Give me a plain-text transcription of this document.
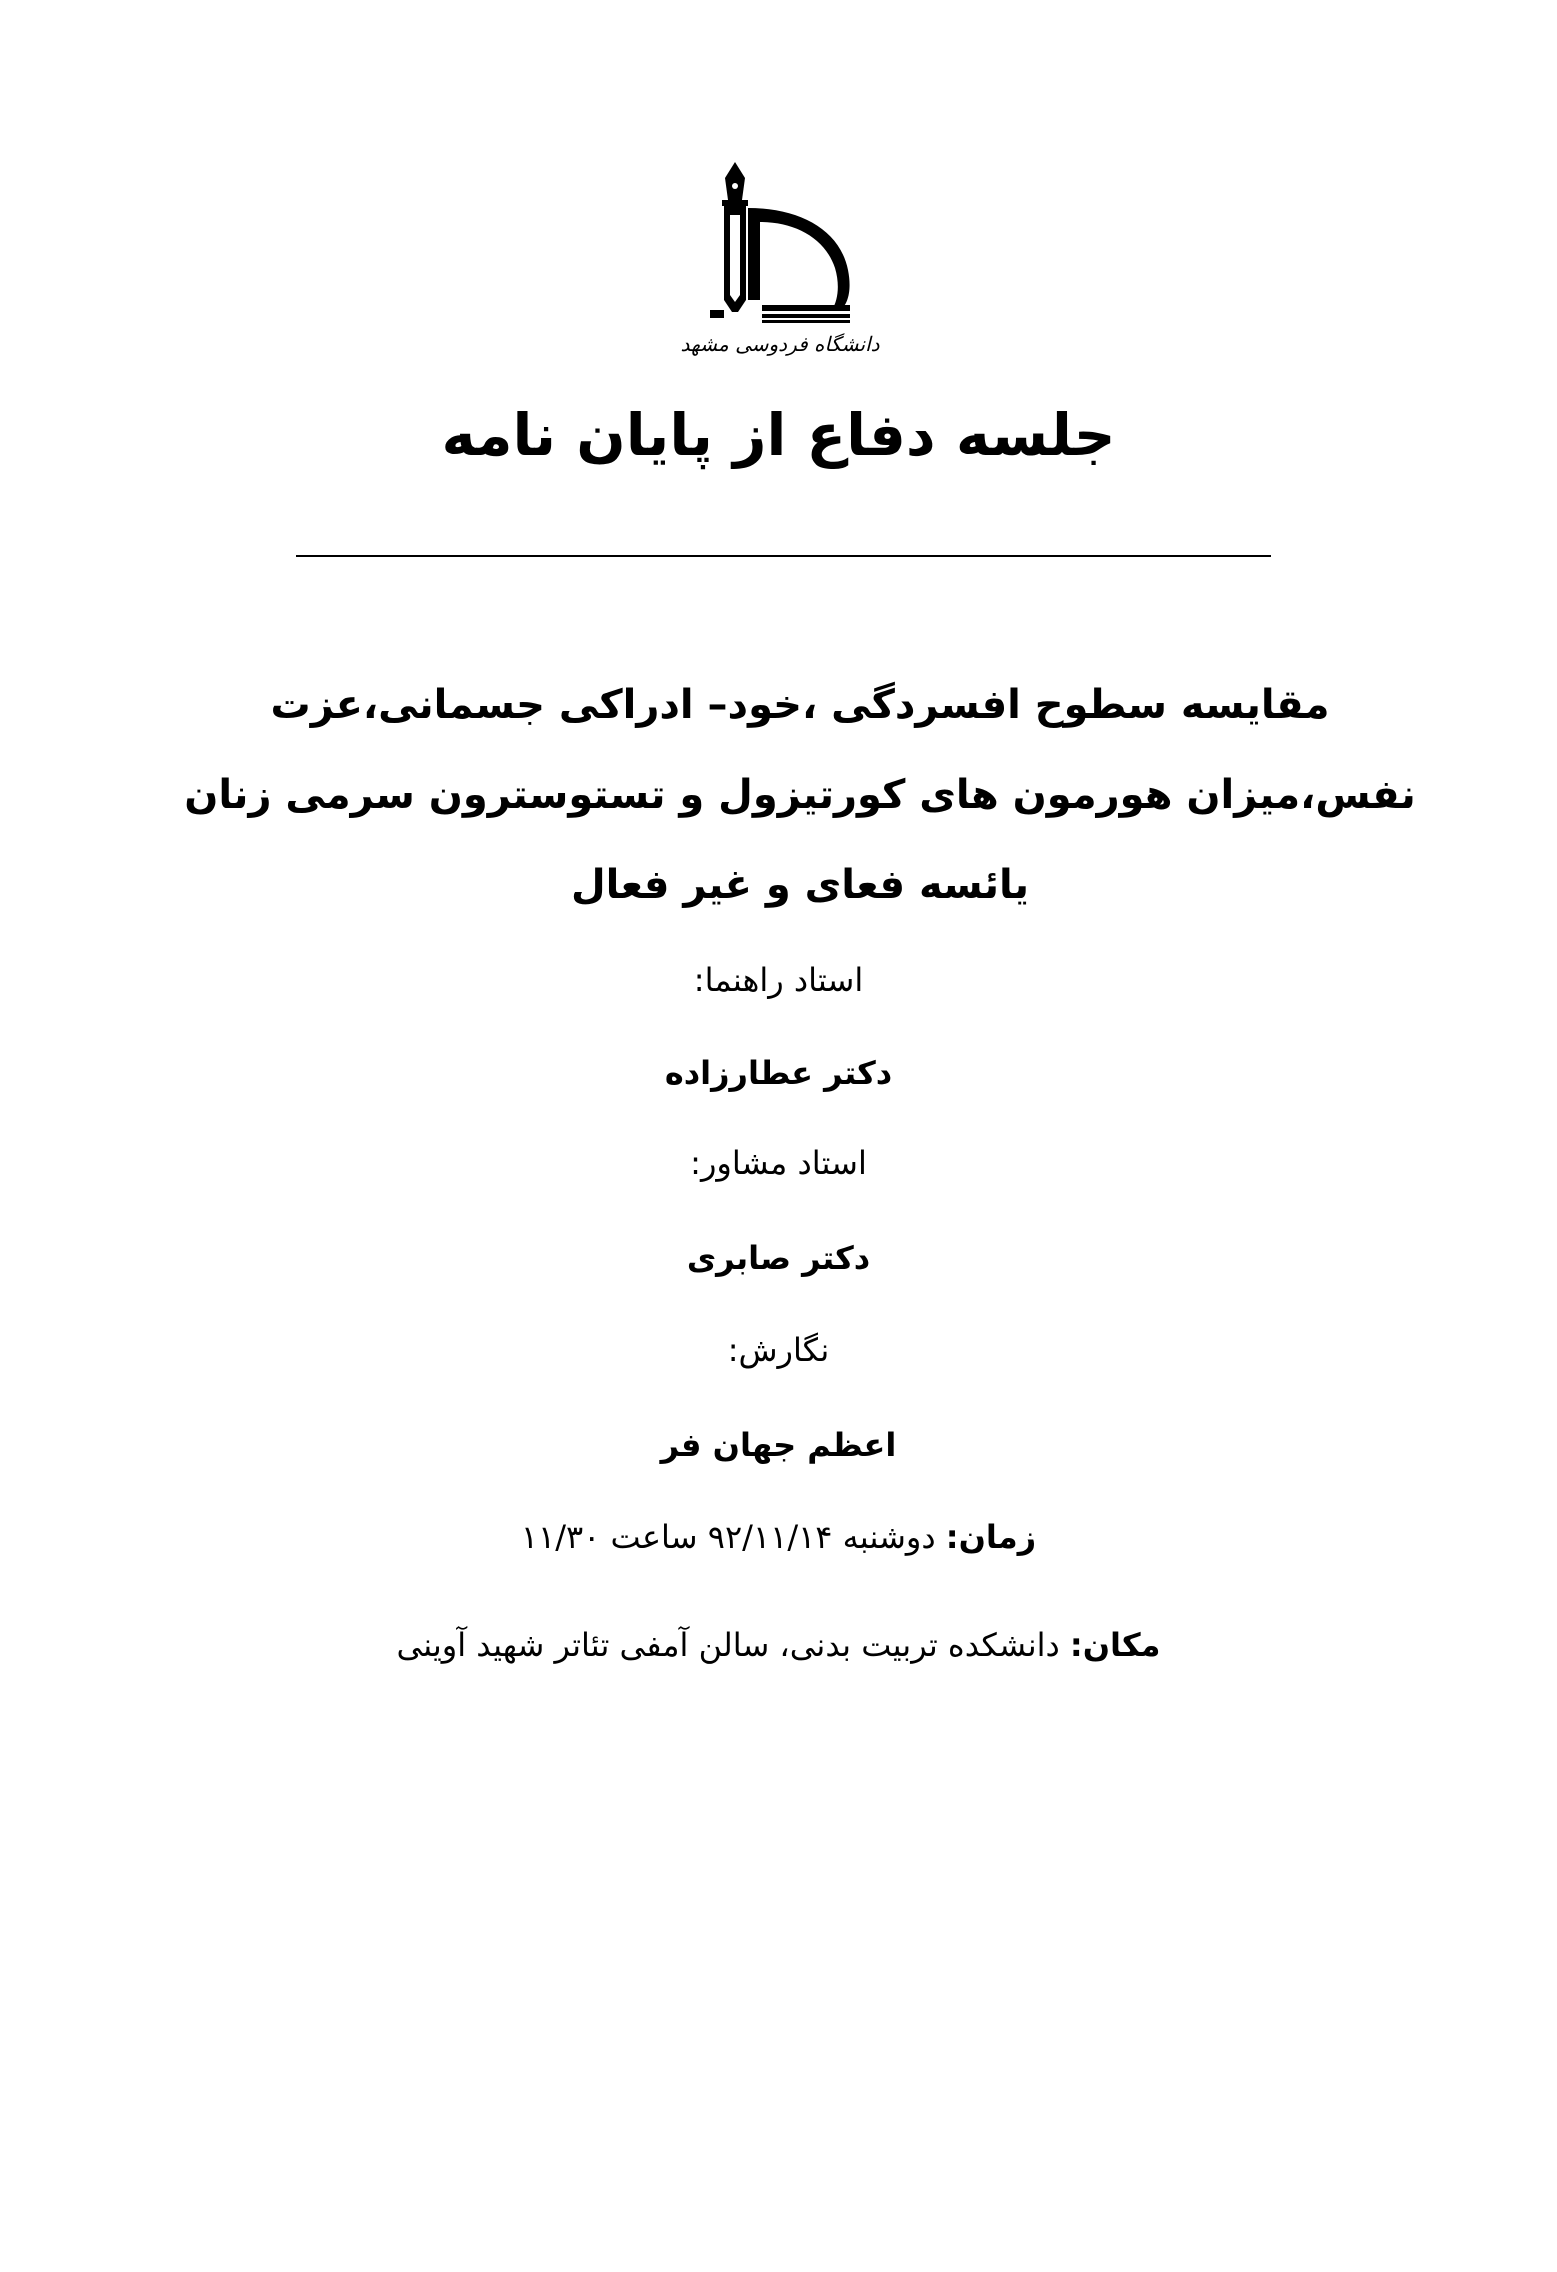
دانشگاه فردوسی مشهد
جلسه دفاع از پایان نامه

مقایسه سطوح افسردگی ،خود– ادراکی جسمانی،عزت نفس،میزان هورمون های کورتیزول و تستوسترون سرمی زنان یائسه فعای و غیر فعال

استاد راهنما:

دکتر عطارزاده

استاد مشاور:

دکتر صابری

نگارش:

اعظم جهان فر

زمان: دوشنبه ۹۲/۱۱/۱۴ ساعت ۱۱/۳۰

مکان: دانشکده تربیت بدنی، سالن آمفی تئاتر شهید آوینی
